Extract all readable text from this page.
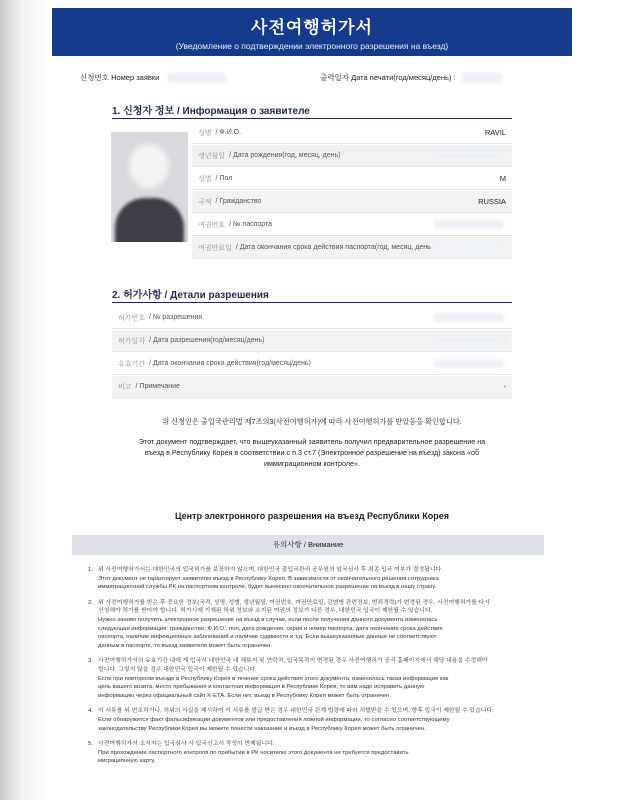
사전여행허가서
(Уведомление о подтверждении электронного разрешения на въезд)
신청번호 Номер заявки	출력일자 Дата печати(год/месяц/день) :
1. 신청자 정보 / Информация о заявителе
성명 / Ф.И.О.	RAVIL
생년월일 / Дата рождения(год, месяц, день)
성별 / Пол	M
국적 / Гражданство	RUSSIA
여권번호 / № паспорта
여권만료일 / Дата окончания срока действия паспорта(год, месяц, день
2. 허가사항 / Детали разрешения
허가번호 / № разрешения
허가일자 / Дата разрешения(год/месяц/день)
유효기간 / Дата окончания срока действия(год/месяц/день)
비고 / Примечание	-
위 신청인은 출입국관리법 제7조의3(사전여행허가)에 따라 사전여행허가를 받았음을 확인합니다.
Этот документ подтверждает, что вышеуказанный заявитель получил предварительное разрешение на
въезд в Республику Корея в соответствии с п.3 ст.7 (Электронное разрешение на въезд) закона «об
иммиграционном контроле».
Центр электронного разрешения на въезд Республики Корея
유의사항 / Внимание
1. 위 사전여행허가서는 대한민국의 입국허가를 보장하지 않으며, 대한민국 출입국관리 공무원의 입국심사 후 최종 입국 여부가 결정됩니다.
Этот документ не гарантирует заявителю въезд в Республику Корея. В зависимости от окончательного решения сотрудника
иммиграционной службы РК на паспортном контроле, будет вынесено окончательное разрешение на въезд в нашу страну.
2. 위 사전여행허가를 받은 후 중요한 정보(국적, 성명, 성별, 생년월일, 여권번호, 여권만료일, 감염병 관련정보, 범죄경력)가 변경된 경우, 사전여행허가를 다시
신청해야 허가를 받아야 합니다. 허가시에 기재된 허위 정보와 소지된 여권의 정보가 다른 경우, 대한민국 입국이 제한될 수 있습니다.
Нужно заново получить электронное разрешение на въезд в случае, если после получения данного документа изменилась
следующая информация: гражданство, Ф.И.О., пол, дата рождения, серия и номер паспорта, дата окончания срока действия
паспорта, наличие инфекционных заболеваний и наличие судимости и т.д. Если вышеуказанные данные не соответствуют
данным в паспорте, то въезд заявителя может быть ограничен.
3. 사전여행허가서의 유효기간 내에 재 입국시 대한민국 내 체류지 및 연락처, 입국목적이 변경된 경우 사전여행허가 공식 홈페이지에서 해당 내용을 수정해야
합니다. 그렇지 않을 경우 대한민국 입국이 제한될 수 있습니다.
Если при повторном въезде в Республику Корея в течение срока действия этого документа, изменилась такая информация как
цель вашего визита, место пребывания и контактная информация в Республике Корея, то вам надо исправить данную
информацию через официальный сайт K-ETA. Если нет, въезд в Республику Корея может быть ограничен.
4. 이 서류를 위·변조하거나, 허위의 사실을 제시하여 이 서류를 발급 받은 경우 대한민국 관계 법령에 따라 처벌받을 수 있으며, 향후 입국이 제한될 수 있습니다.
Если обнаружится факт фальсификации документов или предоставления ложной информации, то согласно соответствующему
законодательству Республики Корея вы можете понести наказание и въезд в Республику Корея может быть ограничен.
5. 사전여행허가서 소지자는 입국심사 시 입국신고서 작성이 면제됩니다.
При прохождении паспортного контроля по прибытии в РК носителю этого документа не требуется предоставить
миграционную карту.
